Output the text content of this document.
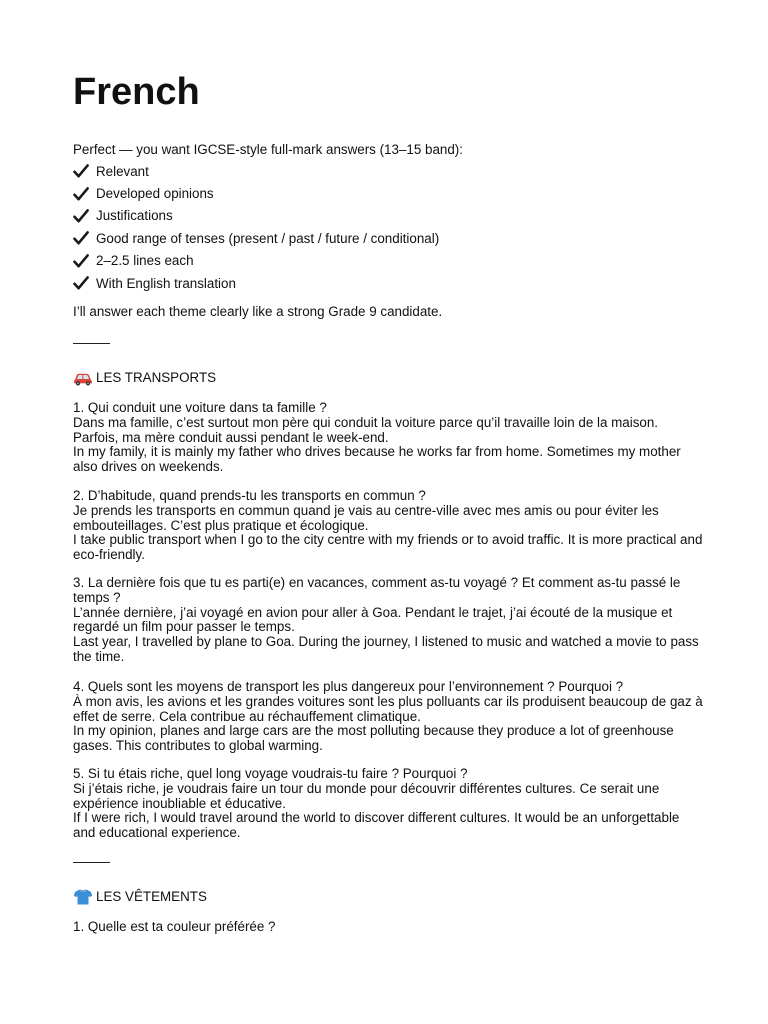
French

Perfect — you want IGCSE-style full-mark answers (13–15 band):

Relevant
Developed opinions
Justifications
Good range of tenses (present / past / future / conditional)
2–2.5 lines each
With English translation

I’ll answer each theme clearly like a strong Grade 9 candidate.

LES TRANSPORTS

1. Qui conduit une voiture dans ta famille ?

Dans ma famille, c’est surtout mon père qui conduit la voiture parce qu’il travaille loin de la maison. Parfois, ma mère conduit aussi pendant le week-end.

In my family, it is mainly my father who drives because he works far from home. Sometimes my mother also drives on weekends.

2. D’habitude, quand prends-tu les transports en commun ?

Je prends les transports en commun quand je vais au centre-ville avec mes amis ou pour éviter les embouteillages. C’est plus pratique et écologique.

I take public transport when I go to the city centre with my friends or to avoid traffic. It is more practical and eco-friendly.

3. La dernière fois que tu es parti(e) en vacances, comment as-tu voyagé ? Et comment as-tu passé le temps ?

L’année dernière, j’ai voyagé en avion pour aller à Goa. Pendant le trajet, j’ai écouté de la musique et regardé un film pour passer le temps.

Last year, I travelled by plane to Goa. During the journey, I listened to music and watched a movie to pass the time.

4. Quels sont les moyens de transport les plus dangereux pour l’environnement ? Pourquoi ?

À mon avis, les avions et les grandes voitures sont les plus polluants car ils produisent beaucoup de gaz à effet de serre. Cela contribue au réchauffement climatique.

In my opinion, planes and large cars are the most polluting because they produce a lot of greenhouse gases. This contributes to global warming.

5. Si tu étais riche, quel long voyage voudrais-tu faire ? Pourquoi ?

Si j’étais riche, je voudrais faire un tour du monde pour découvrir différentes cultures. Ce serait une expérience inoubliable et éducative.

If I were rich, I would travel around the world to discover different cultures. It would be an unforgettable and educational experience.

LES VÊTEMENTS

1. Quelle est ta couleur préférée ?
